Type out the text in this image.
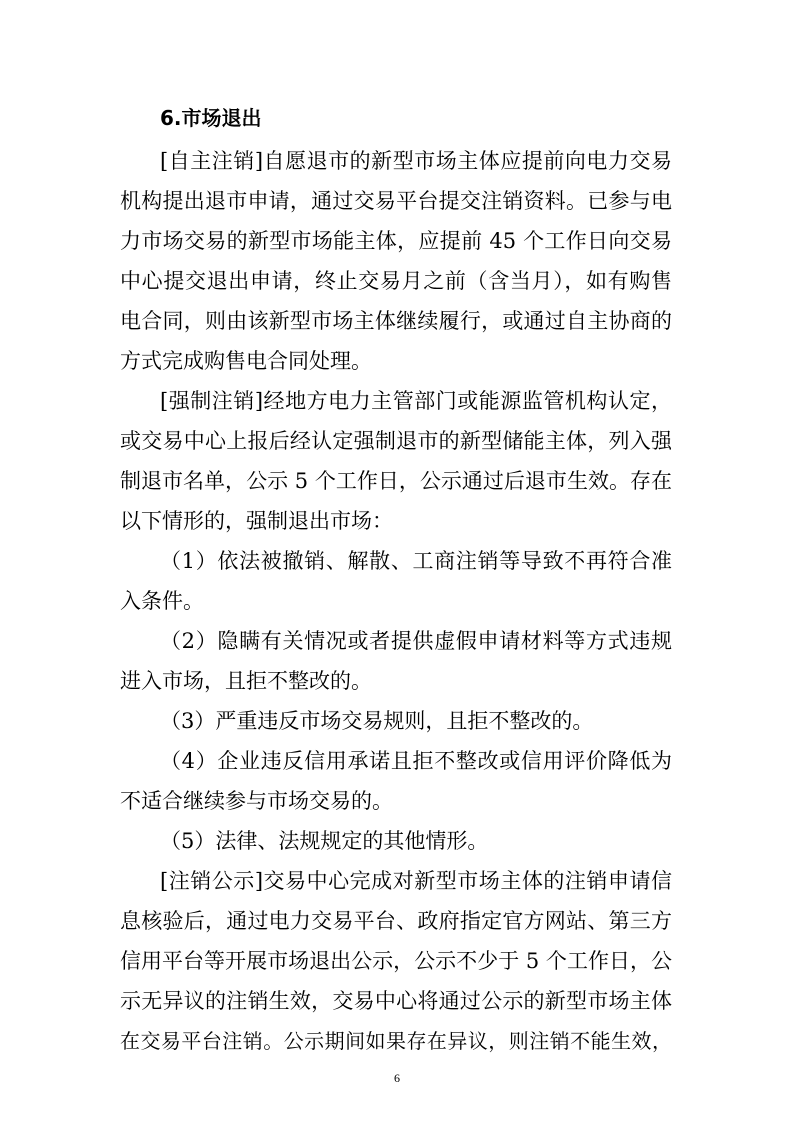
6.市场退出
[自主注销]自愿退市的新型市场主体应提前向电力交易
机构提出退市申请，通过交易平台提交注销资料。已参与电
力市场交易的新型市场能主体，应提前 45 个工作日向交易
中心提交退出申请，终止交易月之前（含当月），如有购售
电合同，则由该新型市场主体继续履行，或通过自主协商的
方式完成购售电合同处理。
[强制注销]经地方电力主管部门或能源监管机构认定，
或交易中心上报后经认定强制退市的新型储能主体，列入强
制退市名单，公示 5 个工作日，公示通过后退市生效。存在
以下情形的，强制退出市场：
（1）依法被撤销、解散、工商注销等导致不再符合准
入条件。
（2）隐瞒有关情况或者提供虚假申请材料等方式违规
进入市场，且拒不整改的。
（3）严重违反市场交易规则，且拒不整改的。
（4）企业违反信用承诺且拒不整改或信用评价降低为
不适合继续参与市场交易的。
（5）法律、法规规定的其他情形。
[注销公示]交易中心完成对新型市场主体的注销申请信
息核验后，通过电力交易平台、政府指定官方网站、第三方
信用平台等开展市场退出公示，公示不少于 5 个工作日，公
示无异议的注销生效，交易中心将通过公示的新型市场主体
在交易平台注销。公示期间如果存在异议，则注销不能生效，
6
